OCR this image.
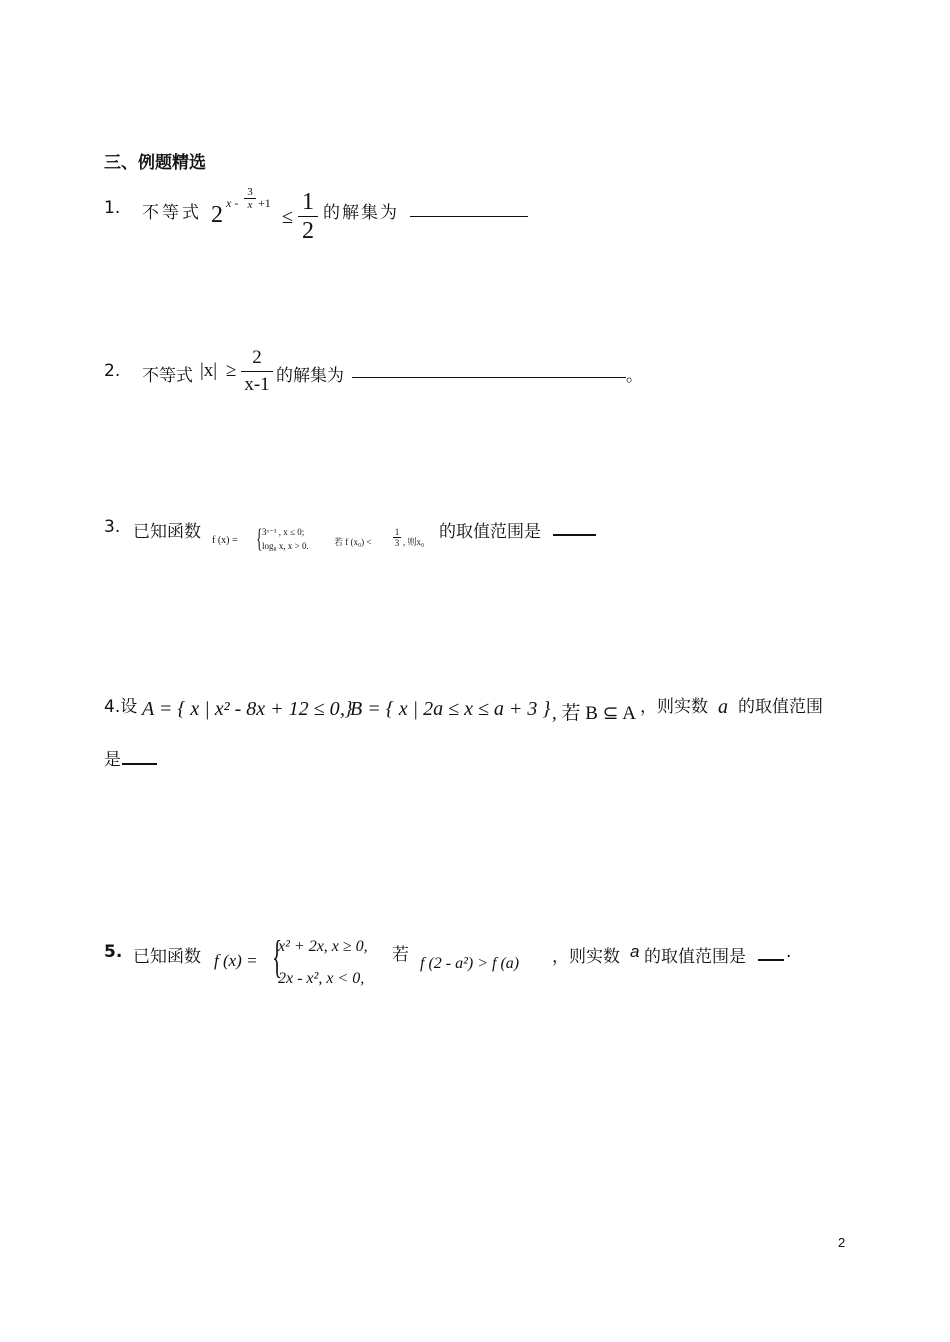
三、例题精选
1. 不等式 2 x -
3
x +1
≤
1
2
的解集为
2. 不等式 |x| ≥
2
x-1 的解集为	。
3. 已知函数 f (x) = { 3ˣ⁻¹ , x ≤ 0;
log₈ x, x > 0.	若 f (x₀) <
1
3 , 则x₀ 的取值范围是
4.设 A = { x | x² - 8x + 12 ≤ 0 }
, B = { x | 2a ≤ x ≤ a + 3 } , 若 B ⊆ A ，则实数 a 的取值范围
是
5. 已知函数 f (x) = {
x² + 2x, x ≥ 0,
2x - x², x < 0,
若 f (2 - a²) > f (a) ，则实数 a 的取值范围是 .
2
